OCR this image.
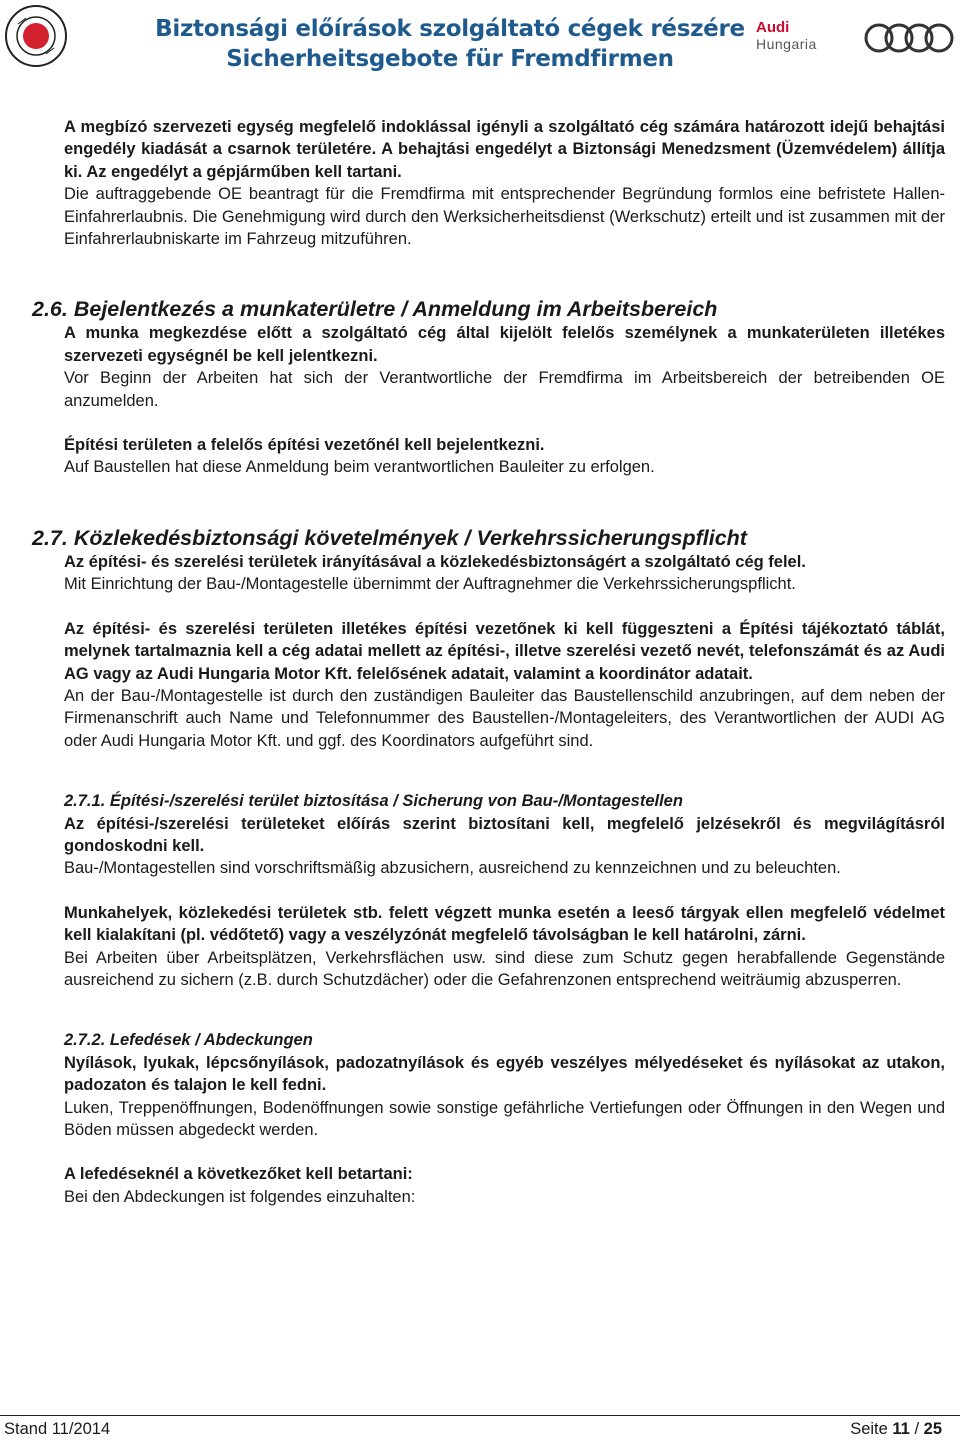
Biztonsági előírások szolgáltató cégek részére
Sicherheitsgebote für Fremdfirmen
Audi
Hungaria

A megbízó szervezeti egység megfelelő indoklással igényli a szolgáltató cég számára határozott idejű behajtási engedély kiadását a csarnok területére. A behajtási engedélyt a Biztonsági Menedzsment (Üzemvédelem) állítja ki. Az engedélyt a gépjárműben kell tartani.

Die auftraggebende OE beantragt für die Fremdfirma mit entsprechender Begründung formlos eine befristete Hallen-Einfahrerlaubnis. Die Genehmigung wird durch den Werksicherheitsdienst (Werkschutz) erteilt und ist zusammen mit der Einfahrerlaubniskarte im Fahrzeug mitzuführen.

2.6. Bejelentkezés a munkaterületre / Anmeldung im Arbeitsbereich

A munka megkezdése előtt a szolgáltató cég által kijelölt felelős személynek a munkaterületen illetékes szervezeti egységnél be kell jelentkezni.

Vor Beginn der Arbeiten hat sich der Verantwortliche der Fremdfirma im Arbeitsbereich der betreibenden OE anzumelden.

Építési területen a felelős építési vezetőnél kell bejelentkezni.

Auf Baustellen hat diese Anmeldung beim verantwortlichen Bauleiter zu erfolgen.

2.7. Közlekedésbiztonsági követelmények / Verkehrssicherungspflicht

Az építési- és szerelési területek irányításával a közlekedésbiztonságért a szolgáltató cég felel.

Mit Einrichtung der Bau-/Montagestelle übernimmt der Auftragnehmer die Verkehrssicherungspflicht.

Az építési- és szerelési területen illetékes építési vezetőnek ki kell függeszteni a Építési tájékoztató táblát, melynek tartalmaznia kell a cég adatai mellett az építési-, illetve szerelési vezető nevét, telefonszámát és az Audi AG vagy az Audi Hungaria Motor Kft. felelősének adatait, valamint a koordinátor adatait.

An der Bau-/Montagestelle ist durch den zuständigen Bauleiter das Baustellenschild anzubringen, auf dem neben der Firmenanschrift auch Name und Telefonnummer des Baustellen-/Montageleiters, des Verantwortlichen der AUDI AG oder Audi Hungaria Motor Kft. und ggf. des Koordinators aufgeführt sind.

2.7.1. Építési-/szerelési terület biztosítása / Sicherung von Bau-/Montagestellen

Az építési-/szerelési területeket előírás szerint biztosítani kell, megfelelő jelzésekről és megvilágításról gondoskodni kell.

Bau-/Montagestellen sind vorschriftsmäßig abzusichern, ausreichend zu kennzeichnen und zu beleuchten.

Munkahelyek, közlekedési területek stb. felett végzett munka esetén a leeső tárgyak ellen megfelelő védelmet kell kialakítani (pl. védőtető) vagy a veszélyzónát megfelelő távolságban le kell határolni, zárni.

Bei Arbeiten über Arbeitsplätzen, Verkehrsflächen usw. sind diese zum Schutz gegen herabfallende Gegenstände ausreichend zu sichern (z.B. durch Schutzdächer) oder die Gefahrenzonen entsprechend weiträumig abzusperren.

2.7.2. Lefedések / Abdeckungen

Nyílások, lyukak, lépcsőnyílások, padozatnyílások és egyéb veszélyes mélyedéseket és nyílásokat az utakon, padozaton és talajon le kell fedni.

Luken, Treppenöffnungen, Bodenöffnungen sowie sonstige gefährliche Vertiefungen oder Öffnungen in den Wegen und Böden müssen abgedeckt werden.

A lefedéseknél a következőket kell betartani:

Bei den Abdeckungen ist folgendes einzuhalten:

Stand 11/2014	Seite 11 / 25
